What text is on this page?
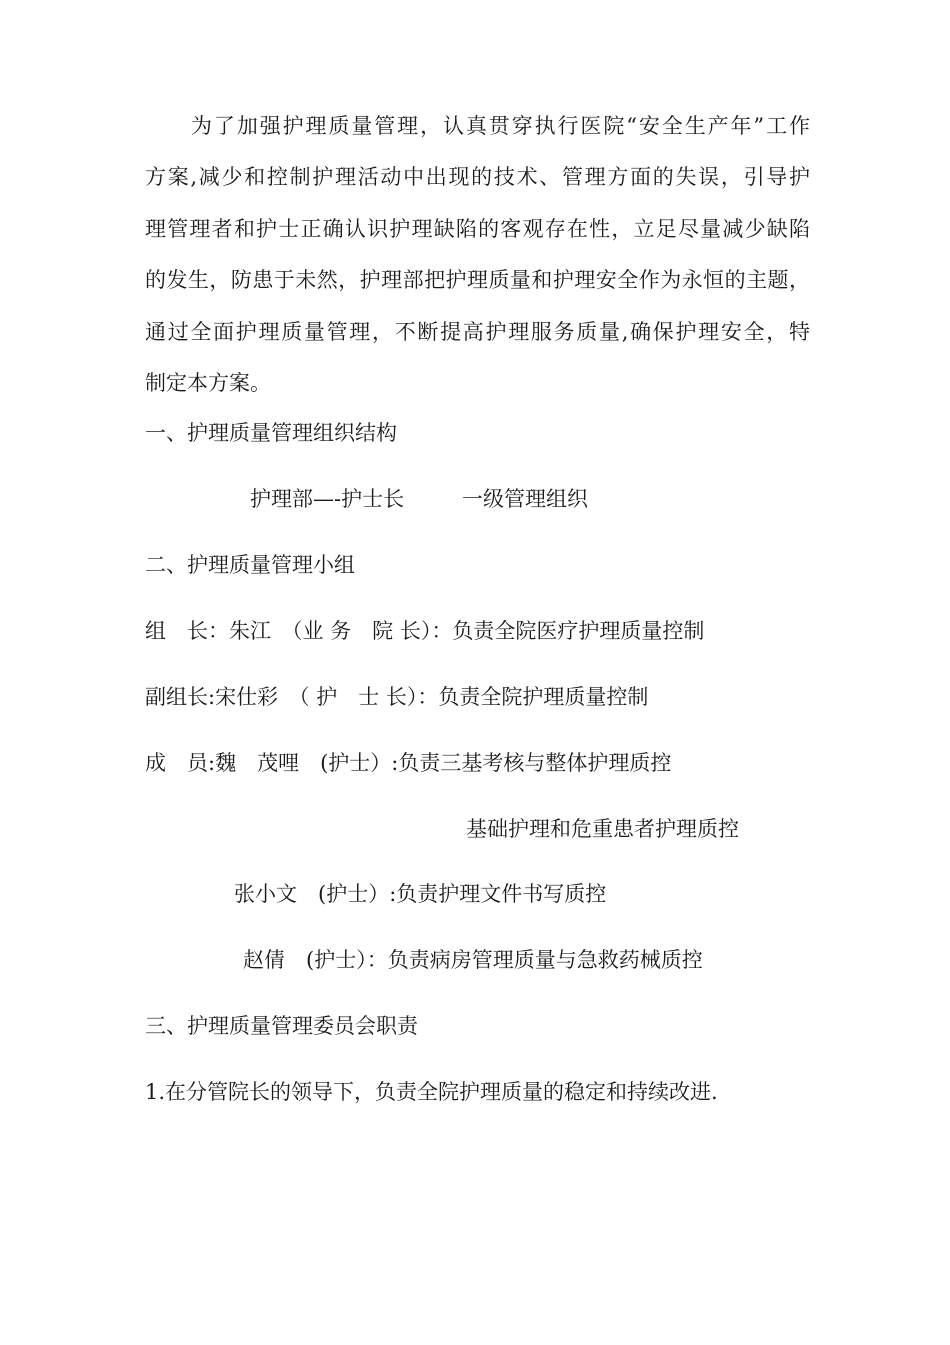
为了加强护理质量管理，认真贯穿执行医院“安全生产年”工作
方案,减少和控制护理活动中出现的技术、管理方面的失误，引导护
理管理者和护士正确认识护理缺陷的客观存在性，立足尽量减少缺陷
的发生，防患于未然，护理部把护理质量和护理安全作为永恒的主题，
通过全面护理质量管理，不断提高护理服务质量,确保护理安全，特
制定本方案。
一、护理质量管理组织结构
护理部—-护士长	一级管理组织
二、护理质量管理小组
组　长：朱江　（业 务　院 长）：负责全院医疗护理质量控制
副组长:宋仕彩　（ 护　士 长）：负责全院护理质量控制
成　员:魏　茂哩　(护士）:负责三基考核与整体护理质控
基础护理和危重患者护理质控
张小文　(护士）:负责护理文件书写质控
赵倩　(护士）：负责病房管理质量与急救药械质控
三、护理质量管理委员会职责
1.在分管院长的领导下，负责全院护理质量的稳定和持续改进.
